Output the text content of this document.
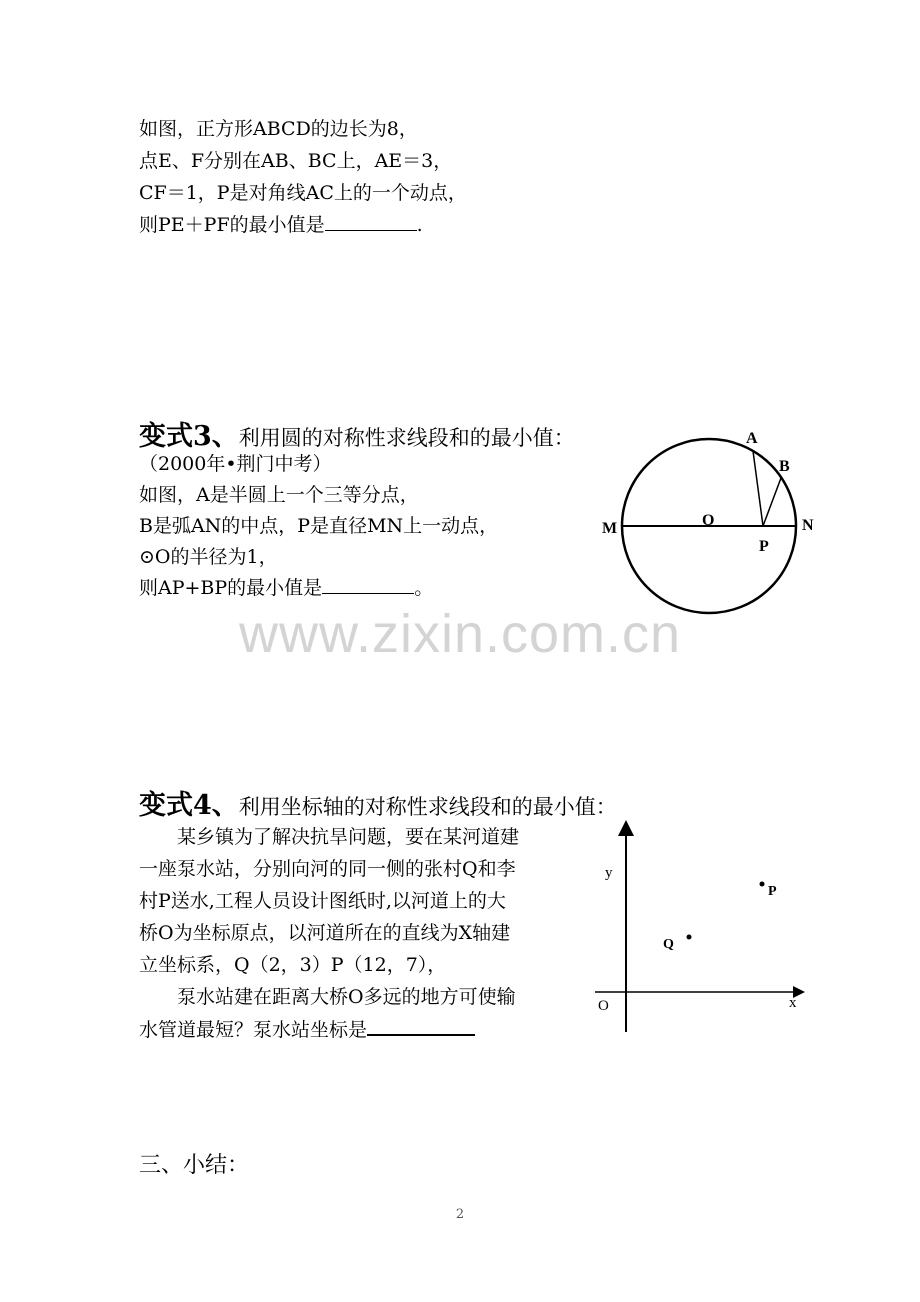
如图，正方形ABCD的边长为8，
点E、F分别在AB、BC上，AE＝3，
CF＝1，P是对角线AC上的一个动点，
则PE＋PF的最小值是	.
变式3、利用圆的对称性求线段和的最小值：
（2000年•荆门中考）
如图，A是半圆上一个三等分点，
B是弧AN的中点，P是直径MN上一动点，
⊙O的半径为1，
则AP+BP的最小值是	。
A
B
M	N
O
P
www.zixin.com.cn
变式4、利用坐标轴的对称性求线段和的最小值：
　　某乡镇为了解决抗旱问题，要在某河道建
一座泵水站，分别向河的同一侧的张村Q和李
村P送水,工程人员设计图纸时,以河道上的大
桥O为坐标原点，以河道所在的直线为X轴建
立坐标系，Q（2，3）P（12，7），
　　泵水站建在距离大桥O多远的地方可使输
水管道最短？泵水站坐标是
y
x
O
P
Q
三、小结：
2
